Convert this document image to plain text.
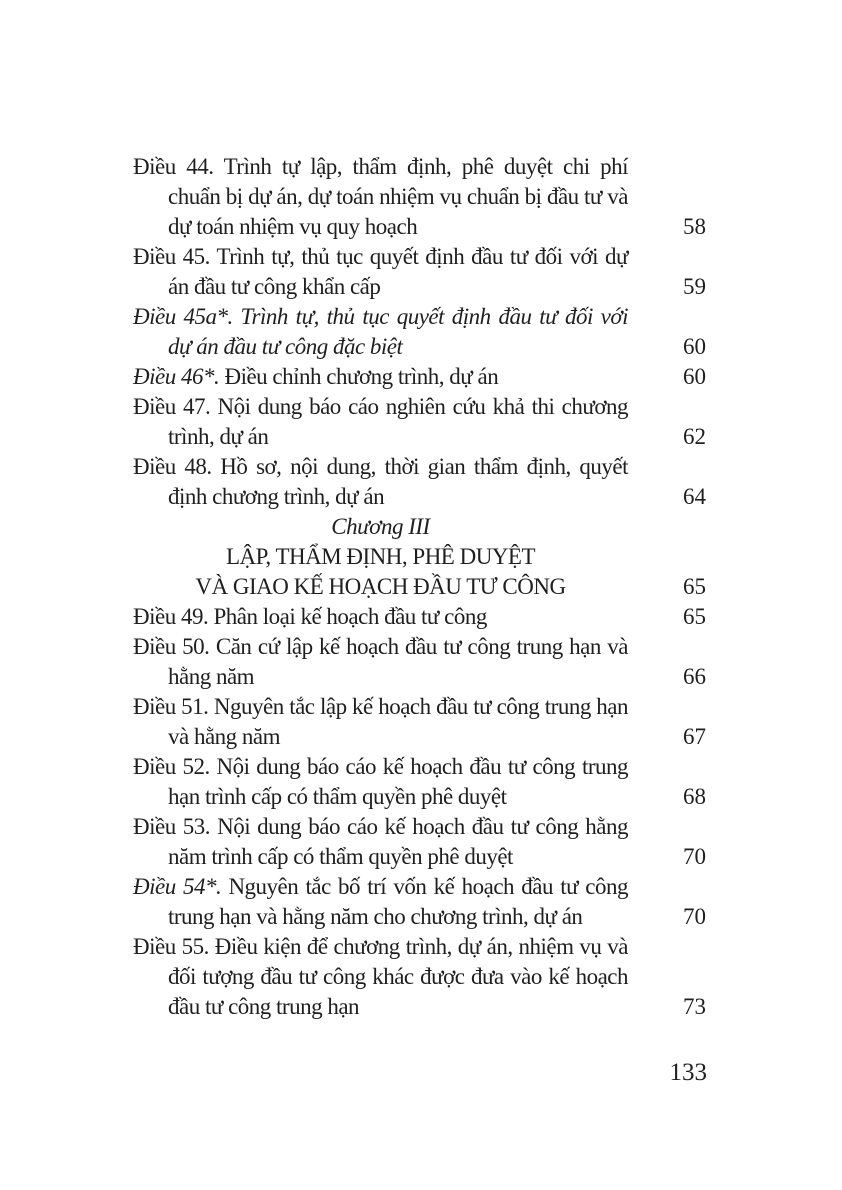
Điều 44. Trình tự lập, thẩm định, phê duyệt chi phí chuẩn bị dự án, dự toán nhiệm vụ chuẩn bị đầu tư và dự toán nhiệm vụ quy hoạch	58
Điều 45. Trình tự, thủ tục quyết định đầu tư đối với dự án đầu tư công khẩn cấp	59
Điều 45a*. Trình tự, thủ tục quyết định đầu tư đối với dự án đầu tư công đặc biệt	60
Điều 46*. Điều chỉnh chương trình, dự án	60
Điều 47. Nội dung báo cáo nghiên cứu khả thi chương trình, dự án	62
Điều 48. Hồ sơ, nội dung, thời gian thẩm định, quyết định chương trình, dự án	64
Chương III
LẬP, THẨM ĐỊNH, PHÊ DUYỆT
VÀ GIAO KẾ HOẠCH ĐẦU TƯ CÔNG	65
Điều 49. Phân loại kế hoạch đầu tư công	65
Điều 50. Căn cứ lập kế hoạch đầu tư công trung hạn và hằng năm	66
Điều 51. Nguyên tắc lập kế hoạch đầu tư công trung hạn và hằng năm	67
Điều 52. Nội dung báo cáo kế hoạch đầu tư công trung hạn trình cấp có thẩm quyền phê duyệt	68
Điều 53. Nội dung báo cáo kế hoạch đầu tư công hằng năm trình cấp có thẩm quyền phê duyệt	70
Điều 54*. Nguyên tắc bố trí vốn kế hoạch đầu tư công trung hạn và hằng năm cho chương trình, dự án	70
Điều 55. Điều kiện để chương trình, dự án, nhiệm vụ và đối tượng đầu tư công khác được đưa vào kế hoạch đầu tư công trung hạn	73
133
